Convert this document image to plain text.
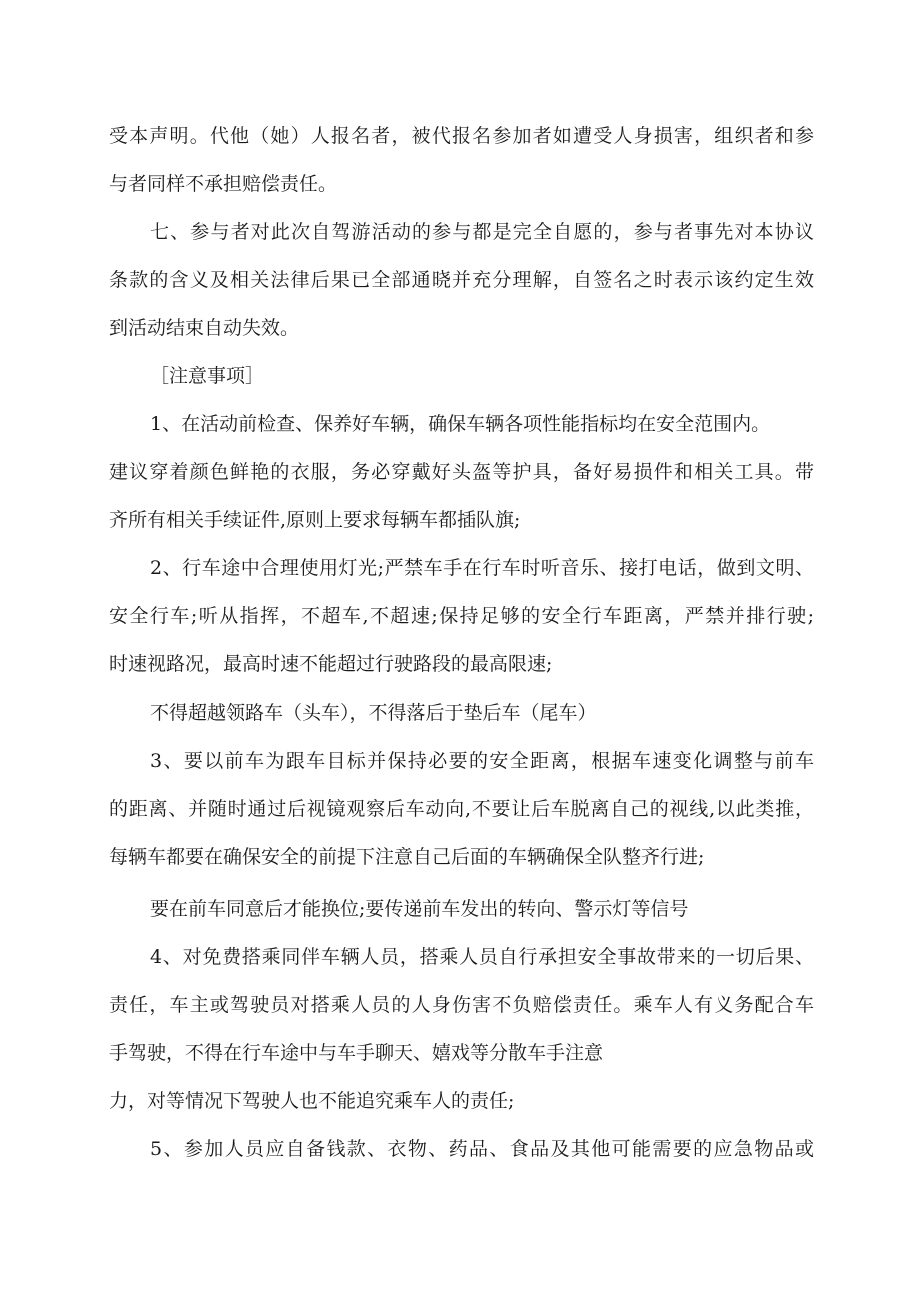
受本声明。代他（她）人报名者，被代报名参加者如遭受人身损害，组织者和参
与者同样不承担赔偿责任。
七、参与者对此次自驾游活动的参与都是完全自愿的，参与者事先对本协议
条款的含义及相关法律后果已全部通晓并充分理解，自签名之时表示该约定生效
到活动结束自动失效。
［注意事项］
1、在活动前检查、保养好车辆，确保车辆各项性能指标均在安全范围内。
建议穿着颜色鲜艳的衣服，务必穿戴好头盔等护具，备好易损件和相关工具。带
齐所有相关手续证件,原则上要求每辆车都插队旗;
2、行车途中合理使用灯光;严禁车手在行车时听音乐、接打电话，做到文明、
安全行车;听从指挥，不超车,不超速;保持足够的安全行车距离，严禁并排行驶;
时速视路况，最高时速不能超过行驶路段的最高限速;
不得超越领路车（头车），不得落后于垫后车（尾车）
3、要以前车为跟车目标并保持必要的安全距离，根据车速变化调整与前车
的距离、并随时通过后视镜观察后车动向,不要让后车脱离自己的视线,以此类推，
每辆车都要在确保安全的前提下注意自己后面的车辆确保全队整齐行进;
要在前车同意后才能换位;要传递前车发出的转向、警示灯等信号
4、对免费搭乘同伴车辆人员，搭乘人员自行承担安全事故带来的一切后果、
责任，车主或驾驶员对搭乘人员的人身伤害不负赔偿责任。乘车人有义务配合车
手驾驶，不得在行车途中与车手聊天、嬉戏等分散车手注意
力，对等情况下驾驶人也不能追究乘车人的责任;
5、参加人员应自备钱款、衣物、药品、食品及其他可能需要的应急物品或
